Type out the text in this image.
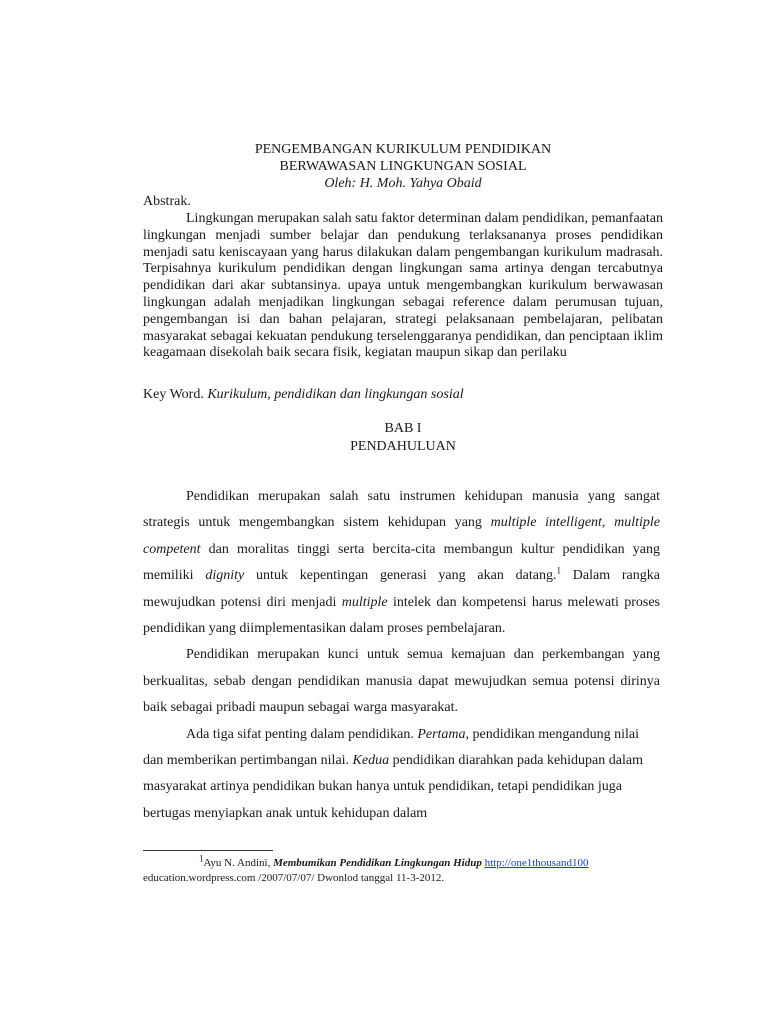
PENGEMBANGAN KURIKULUM PENDIDIKAN
BERWAWASAN LINGKUNGAN SOSIAL
Oleh: H. Moh. Yahya Obaid
Abstrak.

Lingkungan merupakan salah satu faktor determinan dalam pendidikan, pemanfaatan lingkungan menjadi sumber belajar dan pendukung terlaksananya proses pendidikan menjadi satu keniscayaan yang harus dilakukan dalam pengembangan kurikulum madrasah. Terpisahnya kurikulum pendidikan dengan lingkungan sama artinya dengan tercabutnya pendidikan dari akar subtansinya. upaya untuk mengembangkan kurikulum berwawasan lingkungan adalah menjadikan lingkungan sebagai reference dalam perumusan tujuan, pengembangan isi dan bahan pelajaran, strategi pelaksanaan pembelajaran, pelibatan masyarakat sebagai kekuatan pendukung terselenggaranya pendidikan, dan penciptaan iklim keagamaan disekolah baik secara fisik, kegiatan maupun sikap dan perilaku

Key Word. Kurikulum, pendidikan dan lingkungan sosial
BAB I
PENDAHULUAN

Pendidikan merupakan salah satu instrumen kehidupan manusia yang sangat strategis untuk mengembangkan sistem kehidupan yang multiple intelligent, multiple competent dan moralitas tinggi serta bercita-cita membangun kultur pendidikan yang memiliki dignity untuk kepentingan generasi yang akan datang.$^1$ Dalam rangka mewujudkan potensi diri menjadi multiple intelek dan kompetensi harus melewati proses pendidikan yang diimplementasikan dalam proses pembelajaran.

Pendidikan merupakan kunci untuk semua kemajuan dan perkembangan yang berkualitas, sebab dengan pendidikan manusia dapat mewujudkan semua potensi dirinya baik sebagai pribadi maupun sebagai warga masyarakat.

Ada tiga sifat penting dalam pendidikan. Pertama, pendidikan mengandung nilai dan memberikan pertimbangan nilai. Kedua pendidikan diarahkan pada kehidupan dalam masyarakat artinya pendidikan bukan hanya untuk pendidikan, tetapi pendidikan juga bertugas menyiapkan anak untuk kehidupan dalam

$^1$Ayu N. Andini, Membumikan Pendidikan Lingkungan Hidup http://one1thousand100
education.wordpress.com /2007/07/07/ Dwonlod tanggal 11-3-2012.
